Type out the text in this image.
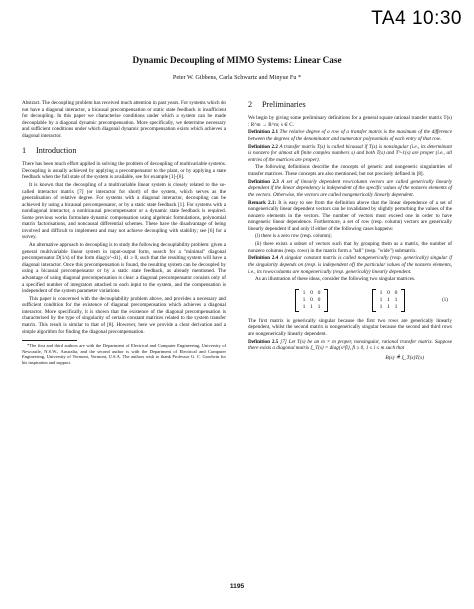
TA4 10:30
Dynamic Decoupling of MIMO Systems: Linear Case
Peter W. Gibbens, Carla Schwartz and Minyue Fu *

Abstract. The decoupling problem has received much attention in past years. For systems which do not have a diagonal interactor, a bicausal precompensation or static state feedback is insufficient for decoupling. In this paper we characterise conditions under which a system can be made decouplable by a diagonal dynamic precompensation. More specifically, we determine necessary and sufficient conditions under which diagonal dynamic precompensation exists which achieves a diagonal interactor.

1 Introduction

There has been much effort applied in solving the problem of decoupling of multivariable systems. Decoupling is usually achieved by applying a precompensator to the plant, or by applying a state feedback when the full state of the system is available, see for example [1]-[6].

It is known that the decoupling of a multivariable linear system is closely related to the so-called interactor matrix [7] (or interactor for short) of the system, which serves as the generalisation of relative degree. For systems with a diagonal interactor, decoupling can be achieved by using a bicausal precompensator, or by a static state feedback [1]. For systems with a nondiagonal interactor, a nonbicausal precompensator or a dynamic state feedback is required. Some previous works formulate dynamic compensation using algebraic formulations, polynomial matrix factorisations, and noncausal differential schemes. These have the disadvantage of being involved and difficult to implement and may not achieve decoupling with stability; see [6] for a survey.

An alternative approach to decoupling is to study the following decouplability problem: given a general multivariable linear system in input-output form, search for a "minimal" diagonal precompensator D(1/s) of the form diag{s^-d1}, d1 ≥ 0, such that the resulting system will have a diagonal interactor. Once this precompensation is found, the resulting system can be decoupled by using a bicausal precompensator or by a static state feedback, as already mentioned. The advantage of using diagonal precompensation is clear: a diagonal precompensator consists only of a specified number of integrators attached to each input to the system, and the compensation is independent of the system parameter variations.

This paper is concerned with the decouplability problem above, and provides a necessary and sufficient condition for the existence of diagonal precompensation which achieves a diagonal interactor. More specifically, it is shown that the existence of the diagonal precompensation is characterised by the type of singularity of certain constant matrices related to the system transfer matrix. This result is similar to that of [8]. However, here we provide a clear derivation and a simple algorithm for finding the diagonal precompensation.

*The first and third authors are with the Department of Electrical and Computer Engineering, University of Newcastle, N.S.W., Australia, and the second author is with the Department of Electrical and Computer Engineering, University of Vermont, Vermont, U.S.A. The authors wish to thank Professor G. C. Goodwin for his inspiration and support.

2 Preliminaries

We begin by giving some preliminary definitions for a general square rational transfer matrix T(s) : R^m → R^m; s ∈ C.

Definition 2.1 The relative degree of a row of a transfer matrix is the maximum of the difference between the degrees of the denominator and numerator polynomials of each entry of that row.

Definition 2.2 A transfer matrix T(s) is called bicausal if T(s) is nonsingular (i.e., its determinant is nonzero for almost all finite complex numbers s) and both T(s) and T^-1(s) are proper (i.e., all entries of the matrices are proper).

The following definitions describe the concepts of generic and nongeneric singularities of transfer matrices. These concepts are also mentioned, but not precisely defined in [8].

Definition 2.3 A set of linearly dependent row/column vectors are called generically linearly dependent if the linear dependency is independent of the specific values of the nonzero elements of the vectors. Otherwise, the vectors are called nongenerically linearly dependent.

Remark 2.1: It is easy to see from the definition above that the linear dependence of a set of nongenerically linear dependent vectors can be invalidated by slightly perturbing the values of the nonzero elements in the vectors. The number of vectors must exceed one in order to have nongeneric linear dependence. Furthermore, a set of row (resp. column) vectors are generically linearly dependent if and only if either of the following cases happens:

(i) there is a zero row (resp. column);

(ii) there exists a subset of vectors such that by grouping them as a matrix, the number of nonzero columns (resp. rows) in the matrix form a "tall" (resp. "wide") submatrix.

Definition 2.4 A singular constant matrix is called nongenerically (resp. generically) singular if the singularity depends on (resp. is independent of) the particular values of the nonzero elements, i.e., its rows/columns are nongenerically (resp. generically) linearly dependent.

As an illustration of these ideas, consider the following two singular matrices.

1 0 0
1 0 0
1 1 1
1 0 0
1 1 1
1 1 1
(1)

The first matrix is generically singular because the first two rows are generically linearly dependent, whilst the second matrix is nongenerically singular because the second and third rows are nongenerically linearly dependent.

Definition 2.5 [7] Let T(s) be an m × m proper, nonsingular, rational transfer matrix. Suppose there exists a diagonal matrix ξ_T(s) = diag{s^fi}, fi ≥ 0, 1 ≤ i ≤ m such that

B(s) ≜ ξ_T(s)T(s)
1195
